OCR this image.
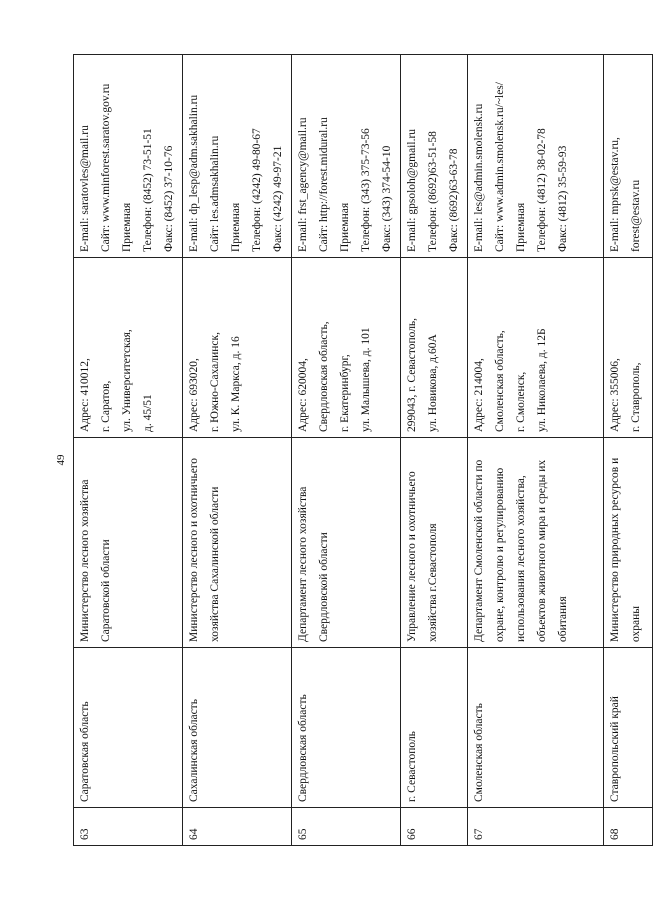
49
63	Саратовская область	Министерство лесного хозяйства Саратовской области	Адрес: 410012, г. Саратов, ул. Университетская, д. 45/51	E-mail: saratovles@mail.ru Сайт: www.minforest.saratov.gov.ru Приемная Телефон: (8452) 73-51-51 Факс: (8452) 37-10-76

64	Сахалинская область	Министерство лесного и охотничьего хозяйства Сахалинской области	Адрес: 693020, г. Южно-Сахалинск, ул. К. Маркса, д. 16	E-mail: dp_lesp@adm.sakhalin.ru Сайт: les.admsakhalin.ru Приемная Телефон: (4242) 49-80-67 Факс: (4242) 49-97-21

65	Свердловская область	Департамент лесного хозяйства Свердловской области	Адрес: 620004, Свердловская область, г. Екатеринбург, ул. Малышева, д. 101	E-mail: frst_agency@mail.ru Сайт: http://forest.midural.ru Приемная Телефон: (343) 375-73-56 Факс: (343) 374-54-10

66	г. Севастополь	Управление лесного и охотничьего хозяйства г.Севастополя	299043, г. Севастополь, ул. Новикова, д.60А	E-mail: gpsoloh@gmail.ru Телефон: (8692)63-51-58 Факс: (8692)63-63-78

67	Смоленская область	Департамент Смоленской области по охране, контролю и регулированию использования лесного хозяйства, объектов животного мира и среды их обитания	Адрес: 214004, Смоленская область, г. Смоленск, ул. Николаева, д. 12Б	E-mail: les@admin.smolensk.ru Сайт: www.admin.smolensk.ru/~les/ Приемная Телефон: (4812) 38-02-78 Факс: (4812) 35-59-93

68	Ставропольский край	Министерство природных ресурсов и охраны	Адрес: 355006, г. Ставрополь,	E-mail: mprsk@estav.ru, forest@estav.ru
